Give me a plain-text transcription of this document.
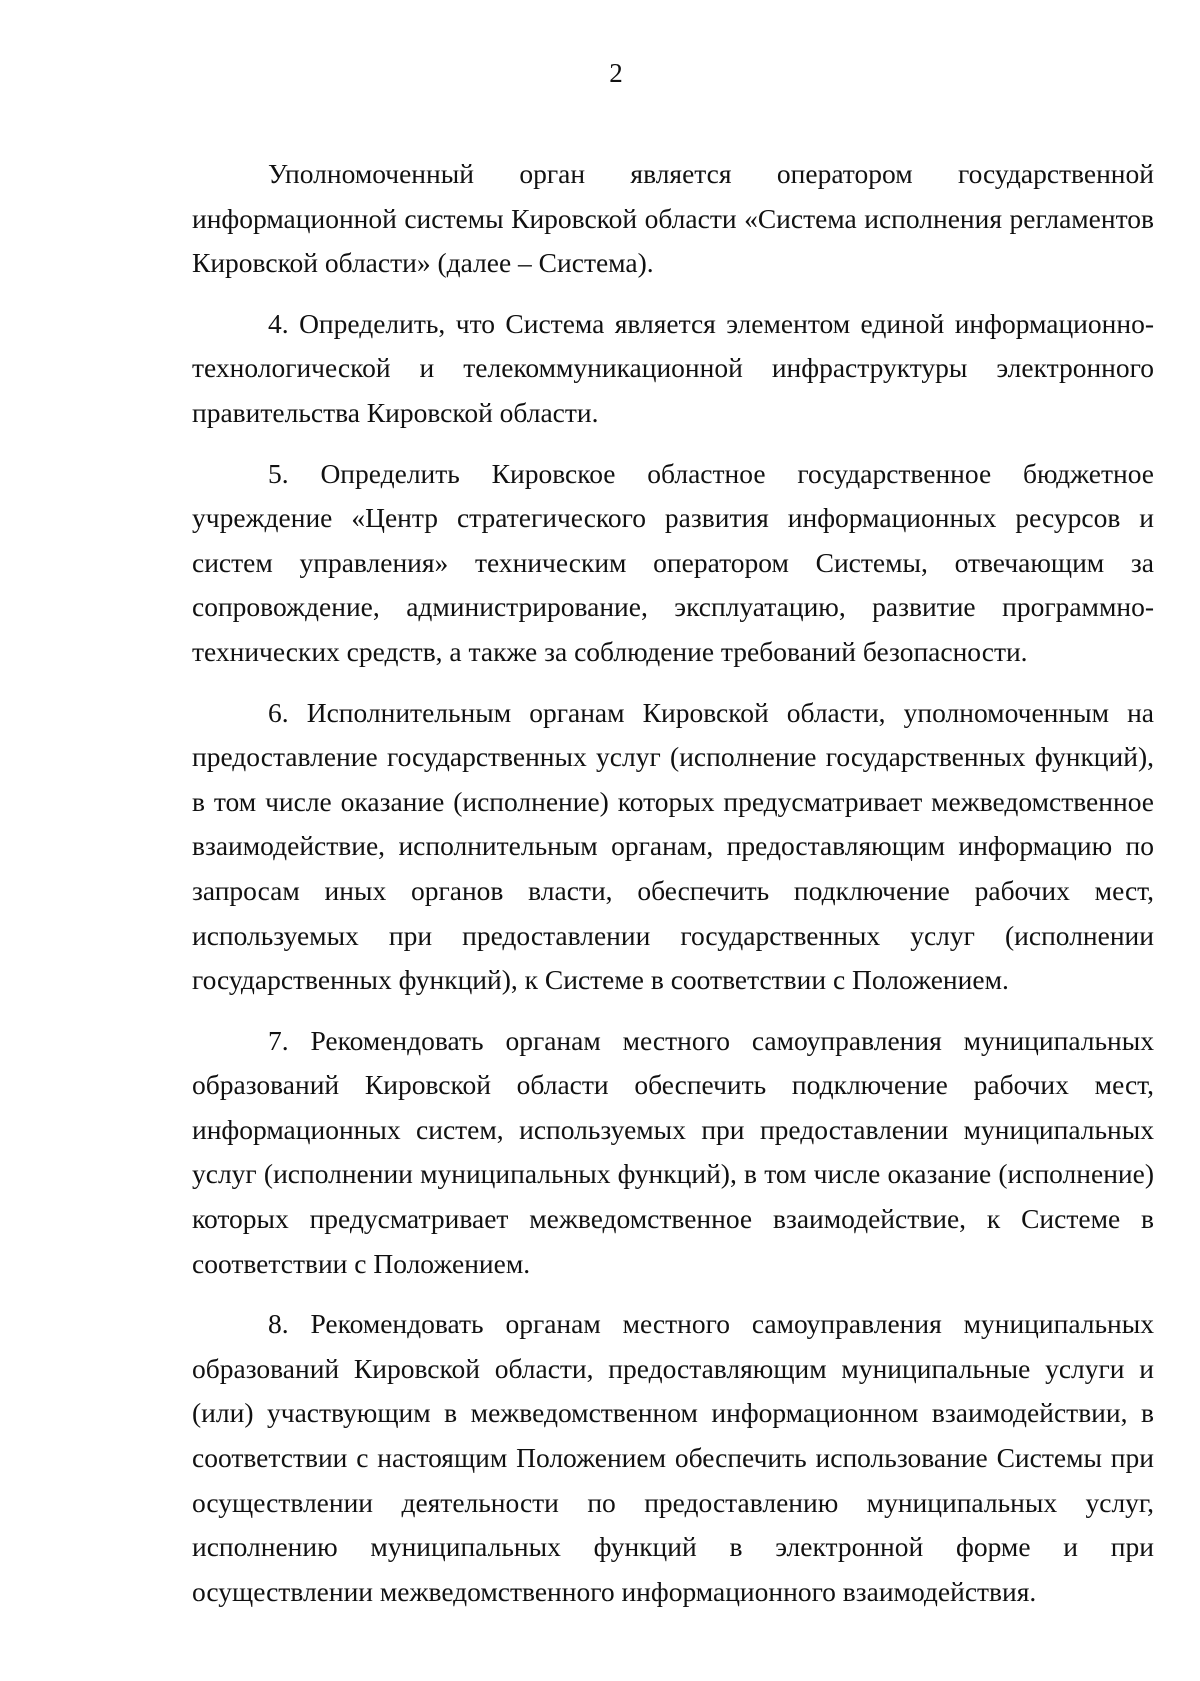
2

Уполномоченный орган является оператором государственной информационной системы Кировской области «Система исполнения регламентов Кировской области» (далее – Система).

4. Определить, что Система является элементом единой информационно-технологической и телекоммуникационной инфраструктуры электронного правительства Кировской области.

5. Определить Кировское областное государственное бюджетное учреждение «Центр стратегического развития информационных ресурсов и систем управления» техническим оператором Системы, отвечающим за сопровождение, администрирование, эксплуатацию, развитие программно-технических средств, а также за соблюдение требований безопасности.

6. Исполнительным органам Кировской области, уполномоченным на предоставление государственных услуг (исполнение государственных функций), в том числе оказание (исполнение) которых предусматривает межведомственное взаимодействие, исполнительным органам, предоставляющим информацию по запросам иных органов власти, обеспечить подключение рабочих мест, используемых при предоставлении государственных услуг (исполнении государственных функций), к Системе в соответствии с Положением.

7. Рекомендовать органам местного самоуправления муниципальных образований Кировской области обеспечить подключение рабочих мест, информационных систем, используемых при предоставлении муниципальных услуг (исполнении муниципальных функций), в том числе оказание (исполнение) которых предусматривает межведомственное взаимодействие, к Системе в соответствии с Положением.

8. Рекомендовать органам местного самоуправления муниципальных образований Кировской области, предоставляющим муниципальные услуги и (или) участвующим в межведомственном информационном взаимодействии, в соответствии с настоящим Положением обеспечить использование Системы при осуществлении деятельности по предоставлению муниципальных услуг, исполнению муниципальных функций в электронной форме и при осуществлении межведомственного информационного взаимодействия.
